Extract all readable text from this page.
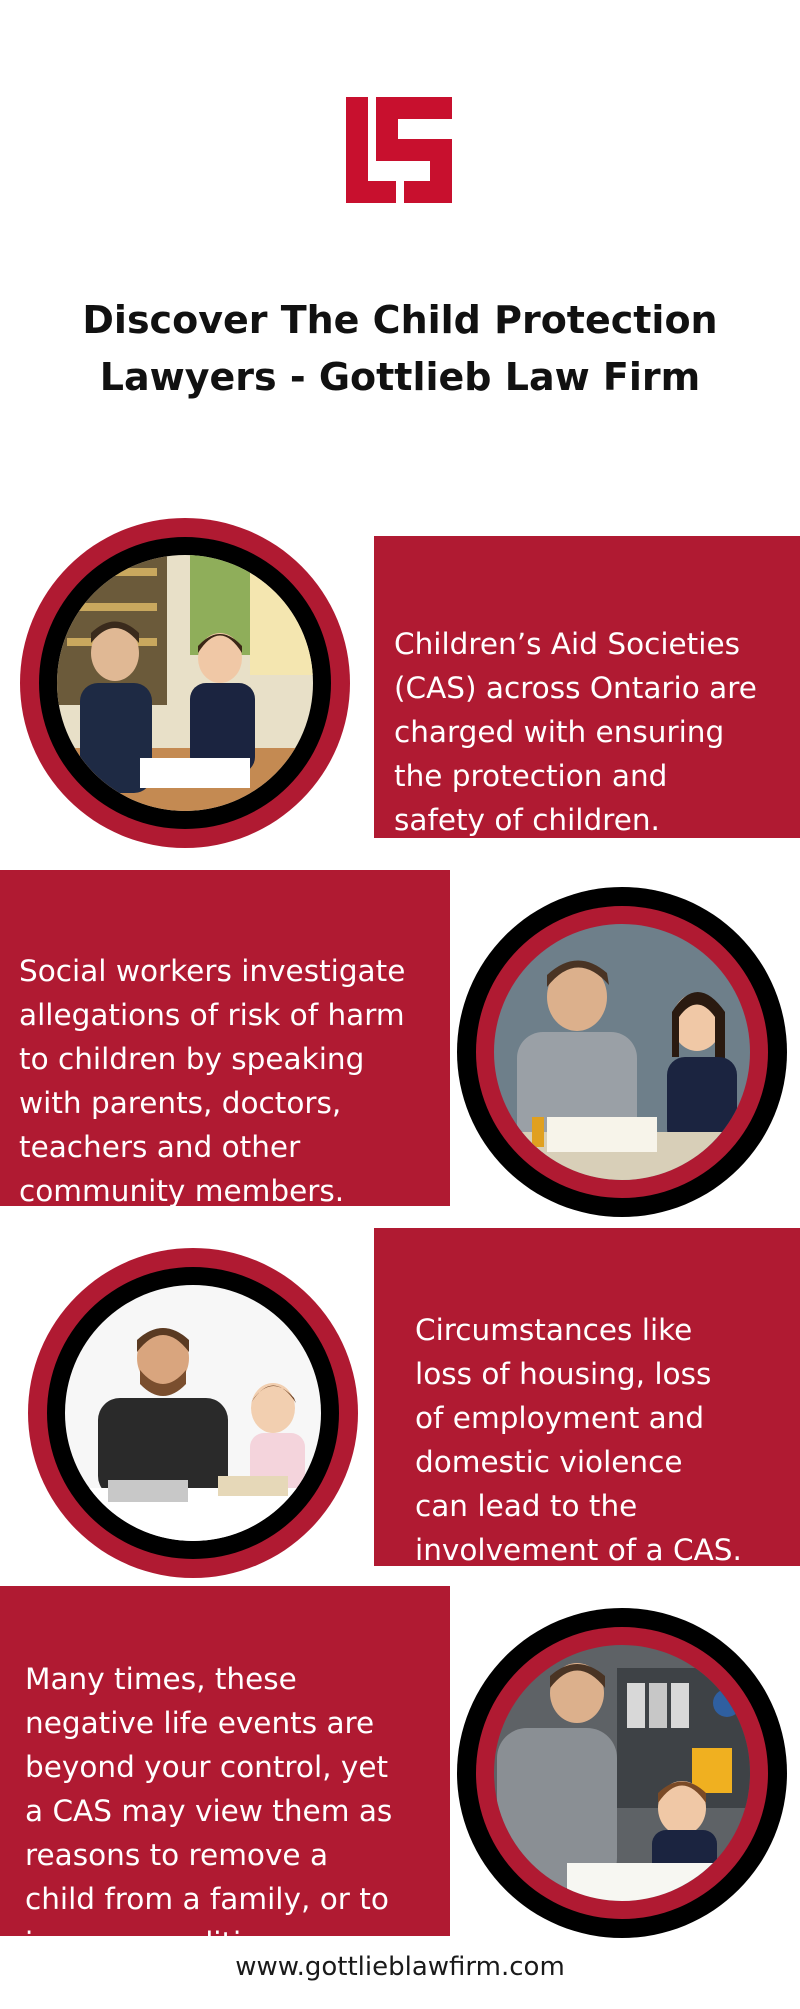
Discover The Child Protection
Lawyers - Gottlieb Law Firm

Children’s Aid Societies
(CAS) across Ontario are
charged with ensuring
the protection and
safety of children.

Social workers investigate
allegations of risk of harm
to children by speaking
with parents, doctors,
teachers and other
community members.

Circumstances like
loss of housing, loss
of employment and
domestic violence
can lead to the
involvement of a CAS.

Many times, these
negative life events are
beyond your control, yet
a CAS may view them as
reasons to remove a
child from a family, or to
impose conditions,

www.gottlieblawfirm.com
